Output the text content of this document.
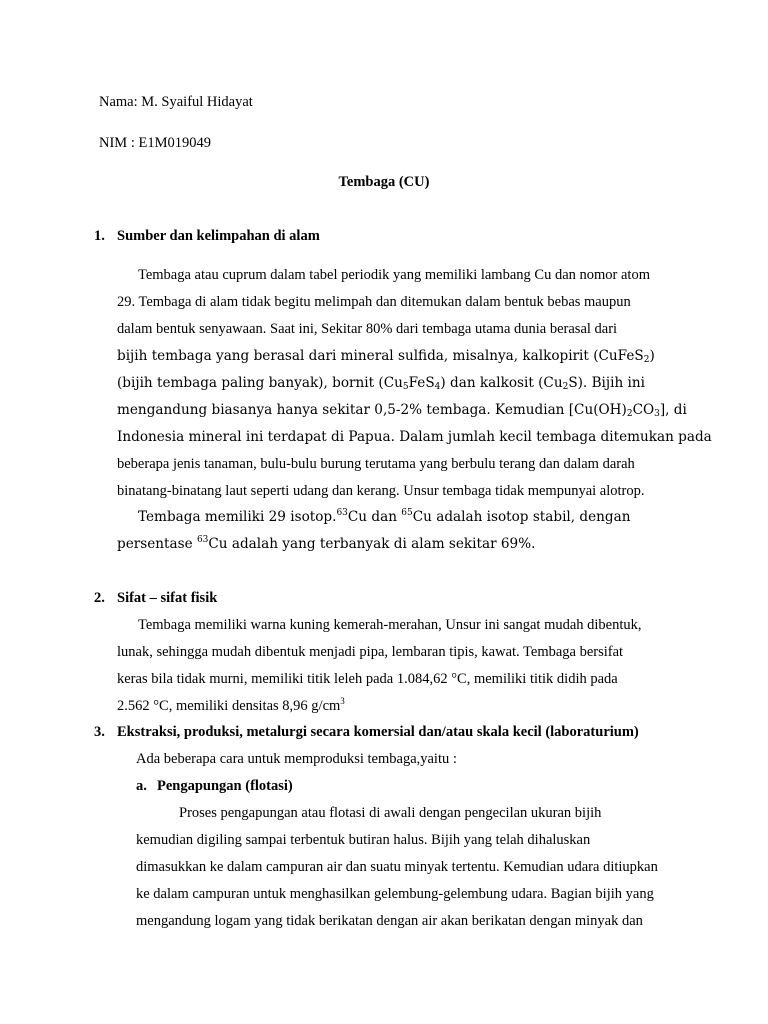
Nama: M. Syaiful Hidayat
NIM : E1M019049
Tembaga (CU)
1. Sumber dan kelimpahan di alam
Tembaga atau cuprum dalam tabel periodik yang memiliki lambang Cu dan nomor atom
29. Tembaga di alam tidak begitu melimpah dan ditemukan dalam bentuk bebas maupun
dalam bentuk senyawaan. Saat ini, Sekitar 80% dari tembaga utama dunia berasal dari
bijih tembaga yang berasal dari mineral sulfida, misalnya, kalkopirit (CuFeS$_2$)
(bijih tembaga paling banyak), bornit $(Cu_5FeS_4)$ dan kalkosit $(Cu_2S)$. Bijih ini
mengandung biasanya hanya sekitar 0,5-2% tembaga. Kemudian $[Cu(OH)_2CO_3]$, di
Indonesia mineral ini terdapat di Papua. Dalam jumlah kecil tembaga ditemukan pada
beberapa jenis tanaman, bulu-bulu burung terutama yang berbulu terang dan dalam darah
binatang-binatang laut seperti udang dan kerang. Unsur tembaga tidak mempunyai alotrop.
Tembaga memiliki 29 isotop.$^{63}$Cu dan $^{65}$Cu adalah isotop stabil, dengan
persentase $^{63}$Cu adalah yang terbanyak di alam sekitar 69%.
2. Sifat – sifat fisik
Tembaga memiliki warna kuning kemerah-merahan, Unsur ini sangat mudah dibentuk,
lunak, sehingga mudah dibentuk menjadi pipa, lembaran tipis, kawat. Tembaga bersifat
keras bila tidak murni, memiliki titik leleh pada 1.084,62 °C, memiliki titik didih pada
2.562 °C, memiliki densitas 8,96 $g/cm^3$
3. Ekstraksi, produksi, metalurgi secara komersial dan/atau skala kecil (laboraturium)
Ada beberapa cara untuk memproduksi tembaga,yaitu :
a. Pengapungan (flotasi)
Proses pengapungan atau flotasi di awali dengan pengecilan ukuran bijih
kemudian digiling sampai terbentuk butiran halus. Bijih yang telah dihaluskan
dimasukkan ke dalam campuran air dan suatu minyak tertentu. Kemudian udara ditiupkan
ke dalam campuran untuk menghasilkan gelembung-gelembung udara. Bagian bijih yang
mengandung logam yang tidak berikatan dengan air akan berikatan dengan minyak dan
